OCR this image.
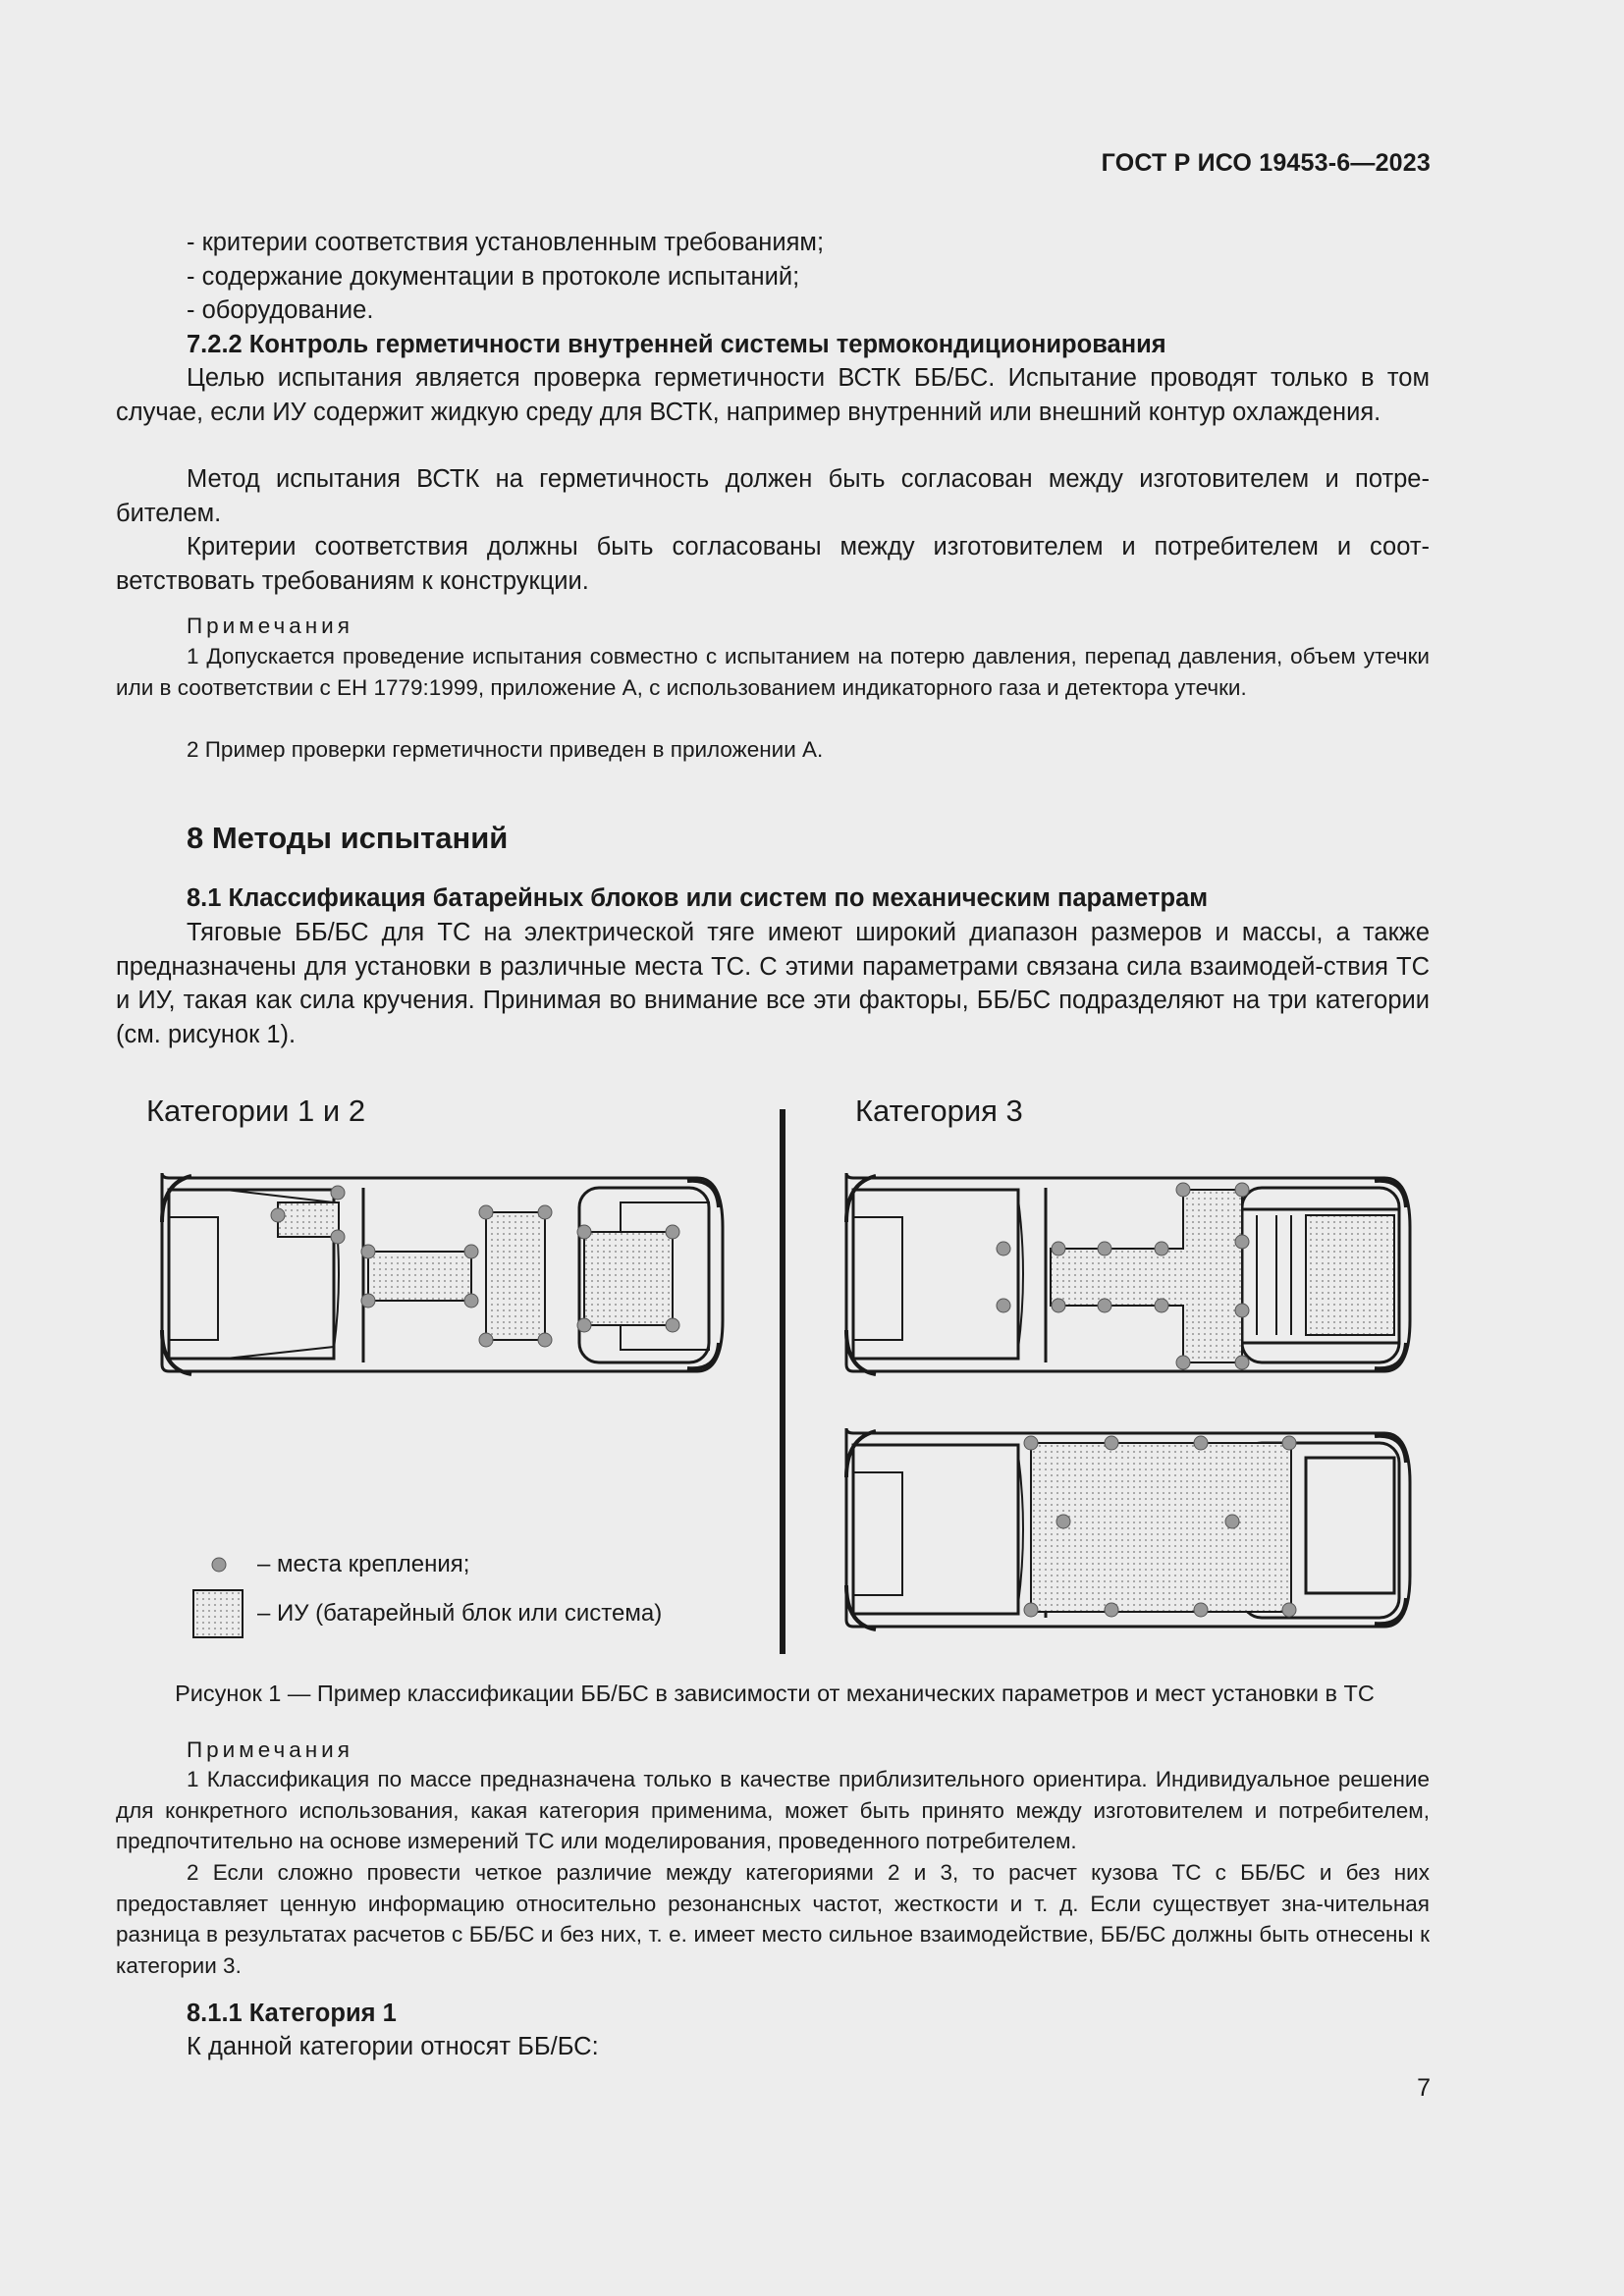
ГОСТ Р ИСО 19453-6—2023
- критерии соответствия установленным требованиям;
- содержание документации в протоколе испытаний;
- оборудование.
7.2.2 Контроль герметичности внутренней системы термокондиционирования
Целью испытания является проверка герметичности ВСТК ББ/БС. Испытание проводят только в том случае, если ИУ содержит жидкую среду для ВСТК, например внутренний или внешний контур охлаждения.
Метод испытания ВСТК на герметичность должен быть согласован между изготовителем и потре-бителем.
Критерии соответствия должны быть согласованы между изготовителем и потребителем и соот-ветствовать требованиям к конструкции.
Примечания
1 Допускается проведение испытания совместно с испытанием на потерю давления, перепад давления, объем утечки или в соответствии с ЕН 1779:1999, приложение А, с использованием индикаторного газа и детектора утечки.
2 Пример проверки герметичности приведен в приложении А.
8 Методы испытаний
8.1 Классификация батарейных блоков или систем по механическим параметрам
Тяговые ББ/БС для ТС на электрической тяге имеют широкий диапазон размеров и массы, а также предназначены для установки в различные места ТС. С этими параметрами связана сила взаимодей-ствия ТС и ИУ, такая как сила кручения. Принимая во внимание все эти факторы, ББ/БС подразделяют на три категории (см. рисунок 1).
Категории 1 и 2	Категория 3
– места крепления;
– ИУ (батарейный блок или система)
Рисунок 1 — Пример классификации ББ/БС в зависимости от механических параметров и мест установки в ТС
Примечания
1 Классификация по массе предназначена только в качестве приблизительного ориентира. Индивидуальное решение для конкретного использования, какая категория применима, может быть принято между изготовителем и потребителем, предпочтительно на основе измерений ТС или моделирования, проведенного потребителем.
2 Если сложно провести четкое различие между категориями 2 и 3, то расчет кузова ТС с ББ/БС и без них предоставляет ценную информацию относительно резонансных частот, жесткости и т. д. Если существует зна-чительная разница в результатах расчетов с ББ/БС и без них, т. е. имеет место сильное взаимодействие, ББ/БС должны быть отнесены к категории 3.
8.1.1 Категория 1
К данной категории относят ББ/БС:
7
